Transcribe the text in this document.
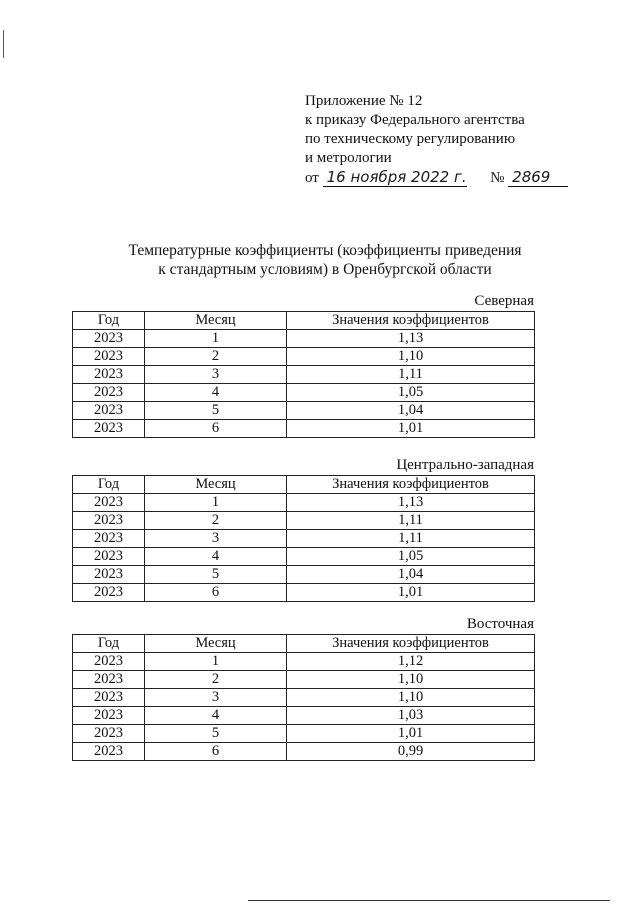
Приложение № 12
к приказу Федерального агентства
по техническому регулированию
и метрологии
от 16 ноября 2022 г. № 2869
Температурные коэффициенты (коэффициенты приведения
к стандартным условиям) в Оренбургской области
Северная
Год	Месяц	Значения коэффициентов
2023	1	1,13
2023	2	1,10
2023	3	1,11
2023	4	1,05
2023	5	1,04
2023	6	1,01
Центрально-западная
Год	Месяц	Значения коэффициентов
2023	1	1,13
2023	2	1,11
2023	3	1,11
2023	4	1,05
2023	5	1,04
2023	6	1,01
Восточная
Год	Месяц	Значения коэффициентов
2023	1	1,12
2023	2	1,10
2023	3	1,10
2023	4	1,03
2023	5	1,01
2023	6	0,99
